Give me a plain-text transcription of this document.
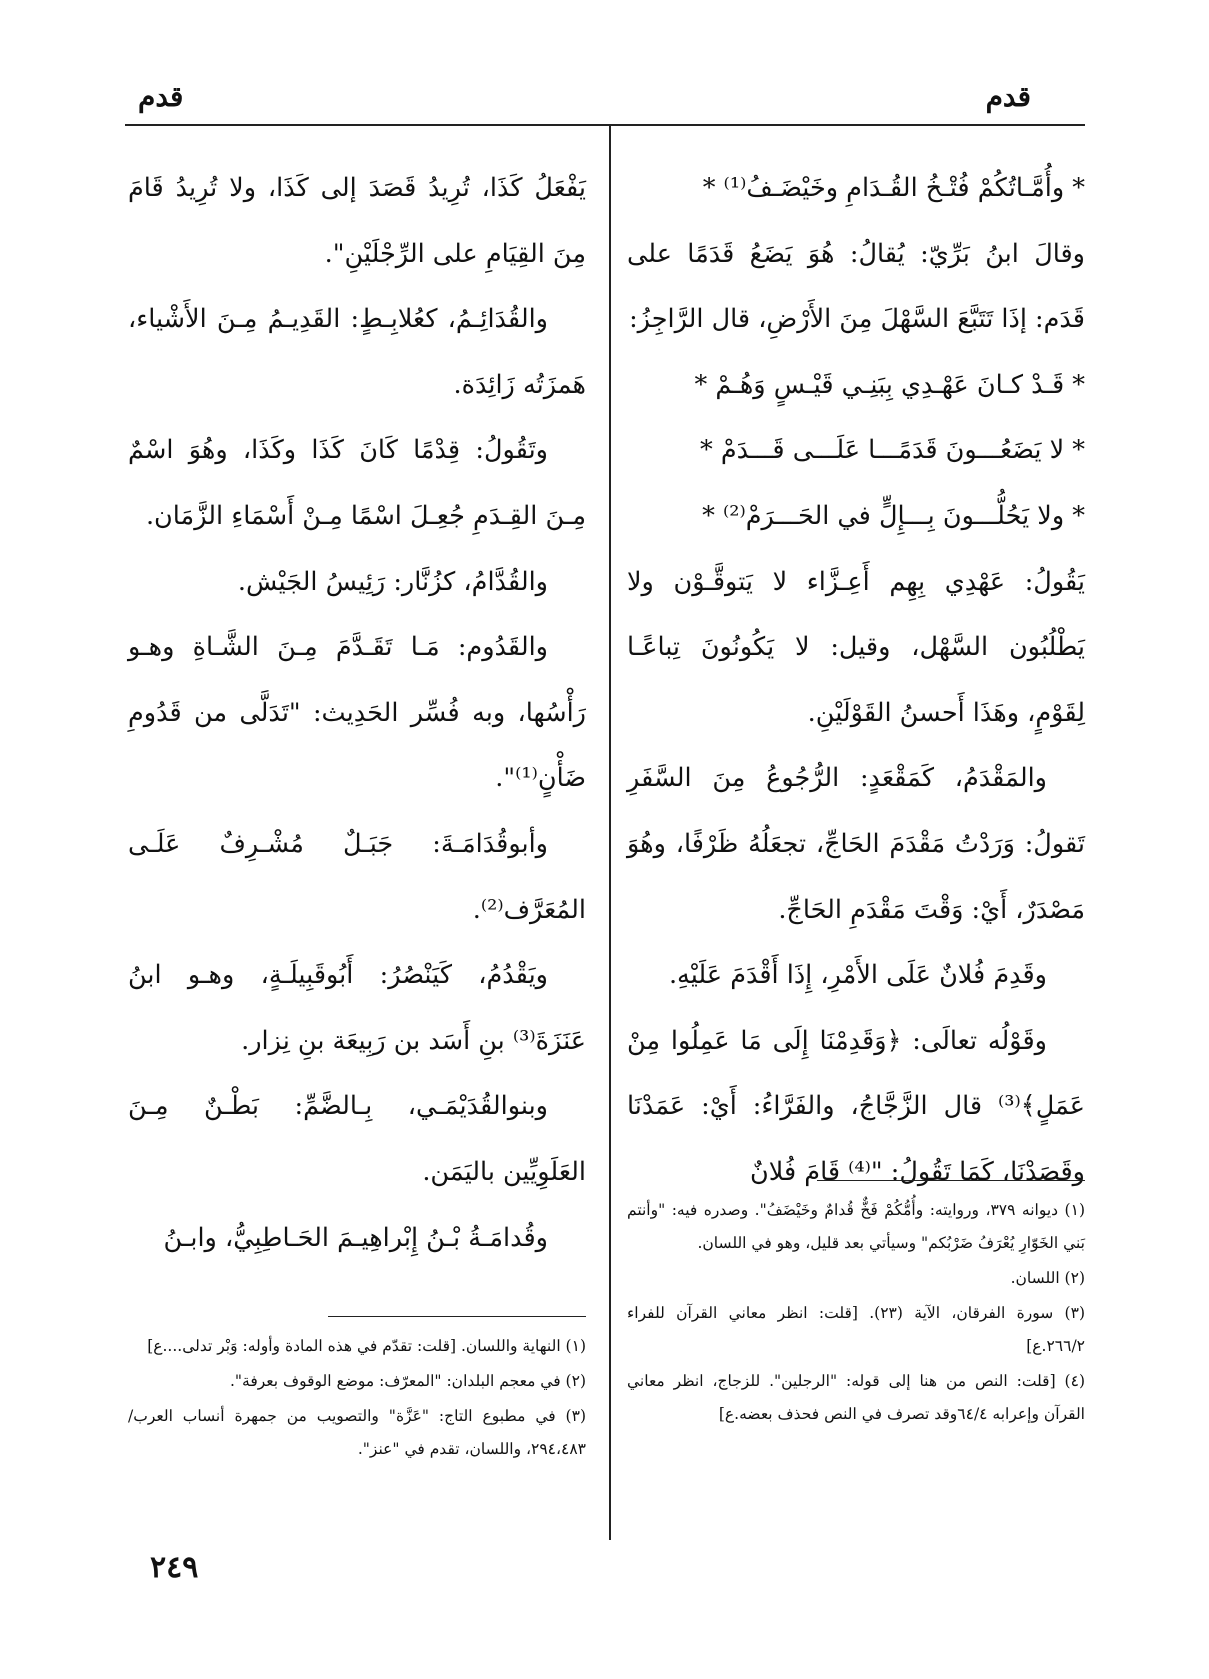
قدم
قدم

* وأُمَّـاتُكُمْ فُتْـخُ القُـدَامِ وخَيْضَـفُ⁽¹⁾ *

وقالَ ابنُ بَرِّيّ: يُقالُ: هُوَ يَضَعُ قَدَمًا على قَدَم: إذَا تَتَبَّعَ السَّهْلَ مِنَ الأَرْضِ، قال الرَّاجِزُ:

* قَـدْ كـانَ عَهْـدِي بِبَنِـي قَيْـسٍ وَهُـمْ *

* لا يَضَعُـــونَ قَدَمًـــا عَلَـــى قَـــدَمْ *

* ولا يَحُلُّـــونَ بِـــإِلٍّ في الحَـــرَمْ⁽²⁾ *

يَقُولُ: عَهْدِي بِهِم أَعِـزَّاء لا يَتوقَّـوْن ولا يَطْلُبُون السَّهْل، وقيل: لا يَكُونُونَ تِباعًـا لِقَوْمٍ، وهَذَا أَحسنُ القَوْلَيْنِ.

والمَقْدَمُ، كَمَقْعَدٍ: الرُّجُوعُ مِنَ السَّفَرِ تَقولُ: وَرَدْتُ مَقْدَمَ الحَاجِّ، تجعَلُهُ ظَرْفًا، وهُوَ مَصْدَرٌ، أَيْ: وَقْتَ مَقْدَمِ الحَاجِّ.

وقَدِمَ فُلانٌ عَلَى الأَمْرِ، إِذَا أَقْدَمَ عَلَيْهِ.

وقَوْلُه تعالَى: ﴿وَقَدِمْنَا إِلَى مَا عَمِلُوا مِنْ عَمَلٍ﴾⁽³⁾ قال الزَّجَّاجُ، والفَرَّاءُ: أَيْ: عَمَدْنَا وقَصَدْنَا، كَمَا تَقُولُ: "⁽⁴⁾ قَامَ فُلانٌ

(١) ديوانه ٣٧٩، وروايته: وأُمُّكُمْ فَخٌّ قُدامٌ وخَيْضَفُ". وصدره فيه: "وأنتم بَني الخَوّارِ يُعْرَفُ ضَرْبُكم" وسيأتي بعد قليل، وهو في اللسان.

(٢) اللسان.

(٣) سورة الفرقان، الآية (٢٣). [قلت: انظر معاني القرآن للفراء ٢٦٦/٢.ع]

(٤) [قلت: النص من هنا إلى قوله: "الرجلين". للزجاج، انظر معاني القرآن وإعرابه ٦٤/٤وقد تصرف في النص فحذف بعضه.ع]

يَفْعَلُ كَذَا، تُرِيدُ قَصَدَ إلى كَذَا، ولا تُرِيدُ قَامَ مِنَ القِيَامِ على الرِّجْلَيْنِ".

والقُدَائِـمُ، كعُلابِـطٍ: القَدِيـمُ مِـنَ الأَشْياء، هَمزَتُه زَائِدَة.

وتَقُولُ: قِدْمًا كَانَ كَذَا وكَذَا، وهُوَ اسْمٌ مِـنَ القِـدَمِ جُعِـلَ اسْمًا مِـنْ أَسْمَاءِ الزَّمَان.

والقُدَّامُ، كزُنَّار: رَئِيسُ الجَيْش.

والقَدُوم: مَـا تَقَـدَّمَ مِـنَ الشَّـاةِ وهـو رَأْسُها، وبه فُسِّر الحَدِيث: "تَدَلَّى من قَدُومِ ضَأْنٍ⁽¹⁾".

وأبوقُدَامَـةَ: جَبَـلٌ مُشْـرِفٌ عَلَـى المُعَرَّف⁽²⁾.

ويَقْدُمُ، كَيَنْصُرُ: أَبُوقَبِيلَـةٍ، وهـو ابنُ عَنَزَةَ⁽³⁾ بنِ أَسَد بن رَبِيعَة بنِ نِزار.

وبنوالقُدَيْمَـي، بِـالضَّمِّ: بَطْـنٌ مِـنَ العَلَوِيِّين باليَمَن.

وقُدامَـةُ بْـنُ إِبْراهِيـمَ الحَـاطِبِيُّ، وابـنُ

(١) النهاية واللسان. [قلت: تقدّم في هذه المادة وأوله: وَبْر تدلى....ع]

(٢) في معجم البلدان: "المعرّف: موضع الوقوف بعرفة".

(٣) في مطبوع التاج: "عَزَّة" والتصويب من جمهرة أنساب العرب/٢٩٤،٤٨٣، واللسان، تقدم في "عنز".

٢٤٩
